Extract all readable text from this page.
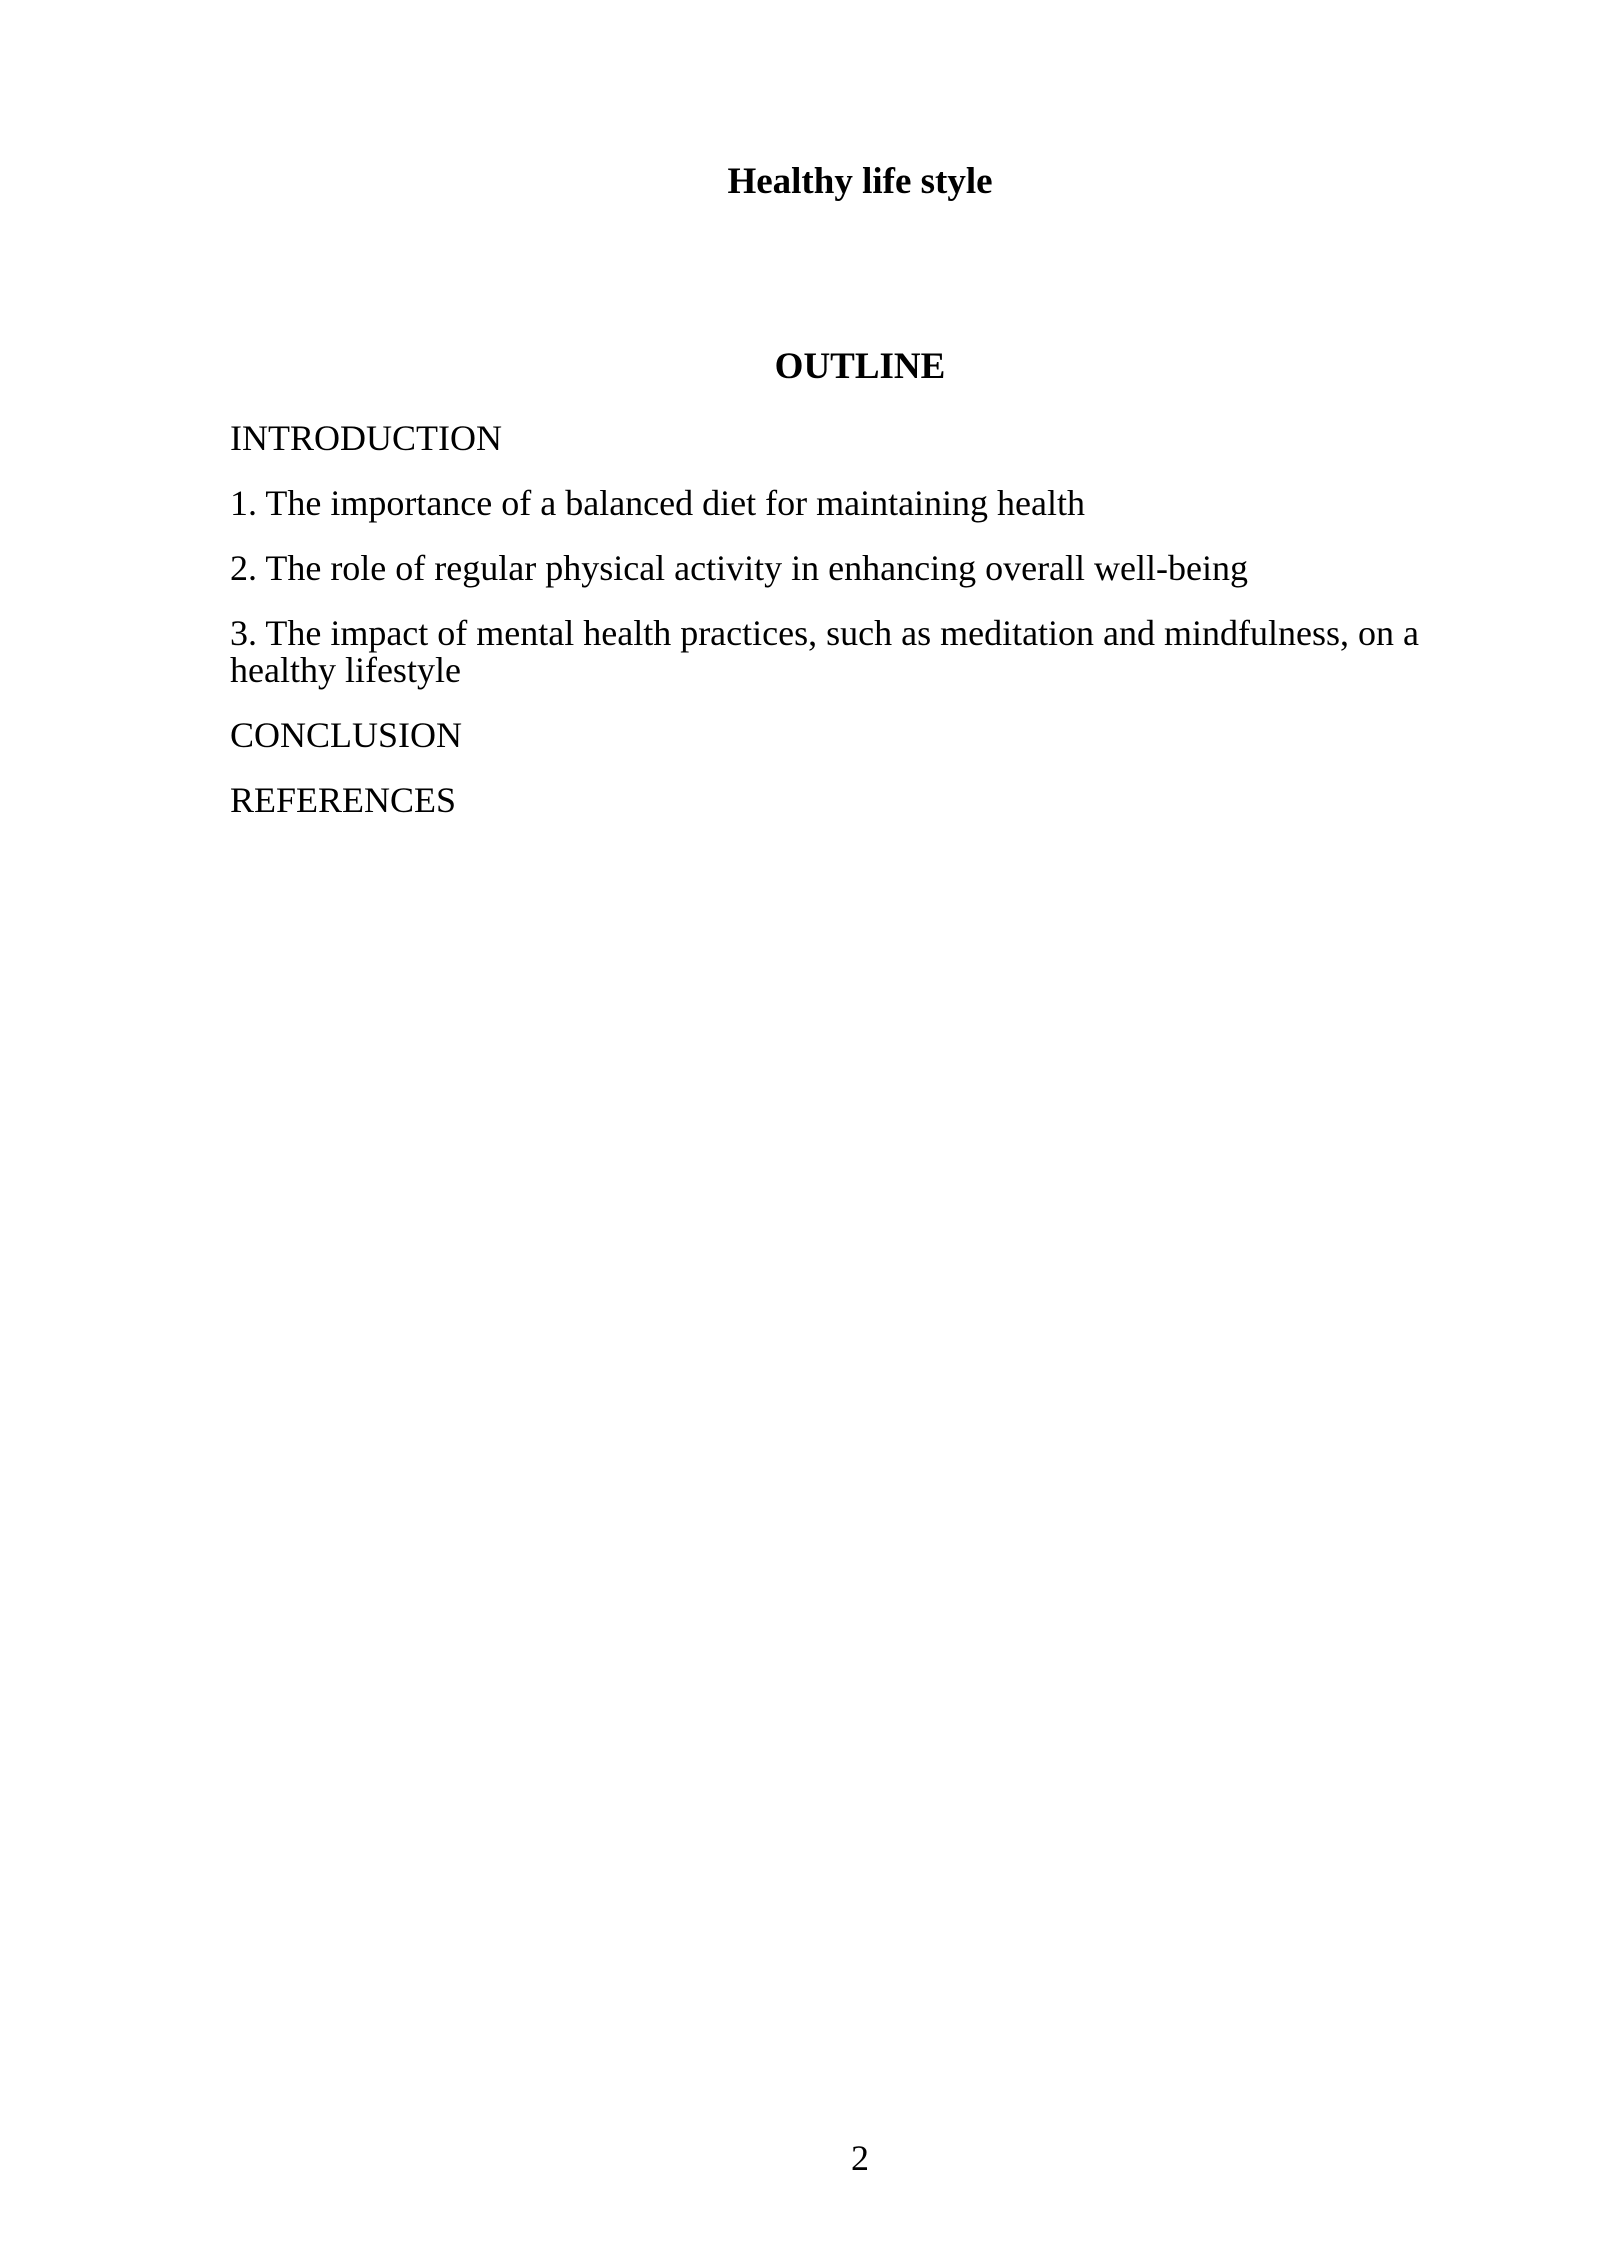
Healthy life style
OUTLINE

INTRODUCTION

1. The importance of a balanced diet for maintaining health

2. The role of regular physical activity in enhancing overall well-being

3. The impact of mental health practices, such as meditation and mindfulness, on a healthy lifestyle

CONCLUSION

REFERENCES

2
